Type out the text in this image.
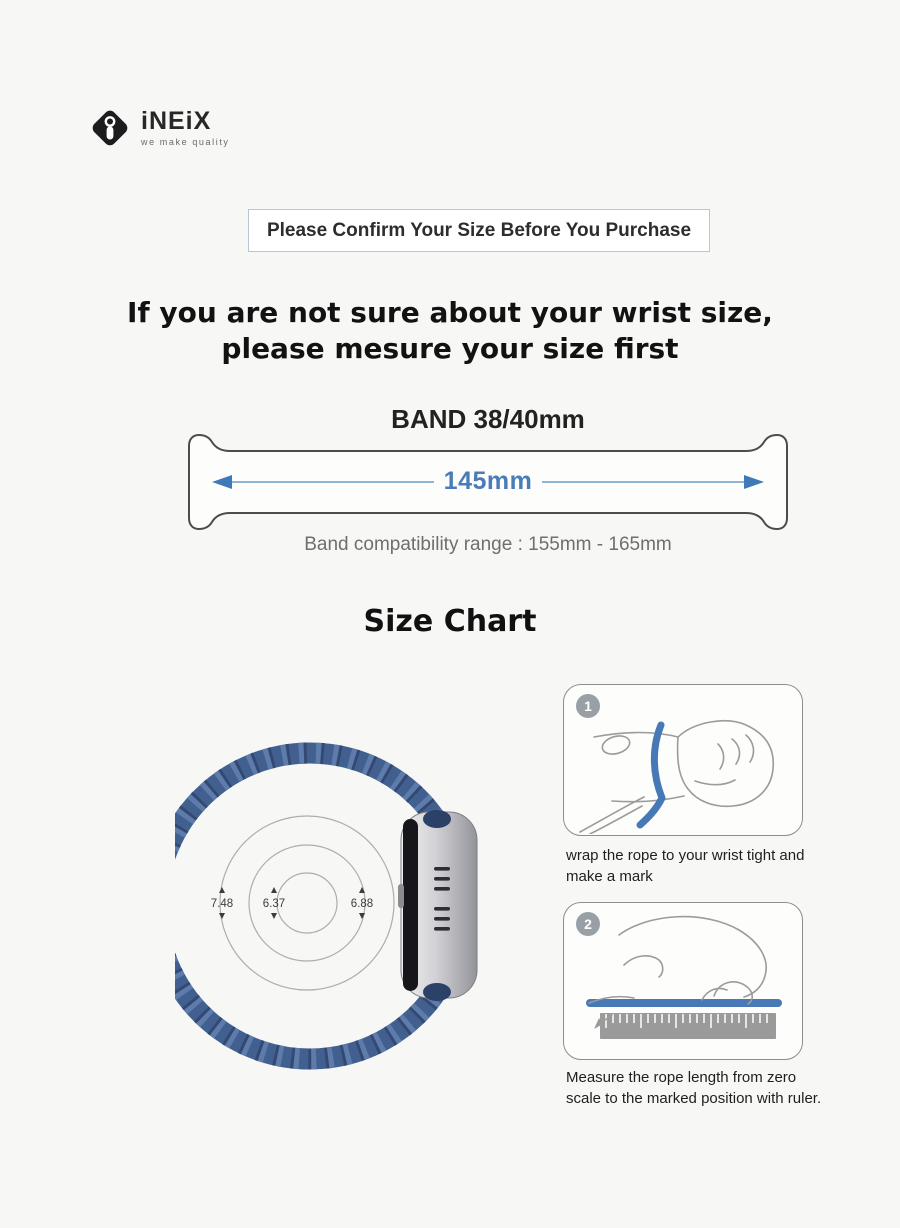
iNEiX
we make quality
Please Confirm Your Size Before You Purchase
If you are not sure about your wrist size,
please mesure your size first
BAND 38/40mm
145mm
Band compatibility range : 155mm - 165mm
Size Chart
7.48	6.37	6.88
1
wrap the rope to your wrist tight and make a mark
2
Measure the rope length from zero scale to the marked position with ruler.
